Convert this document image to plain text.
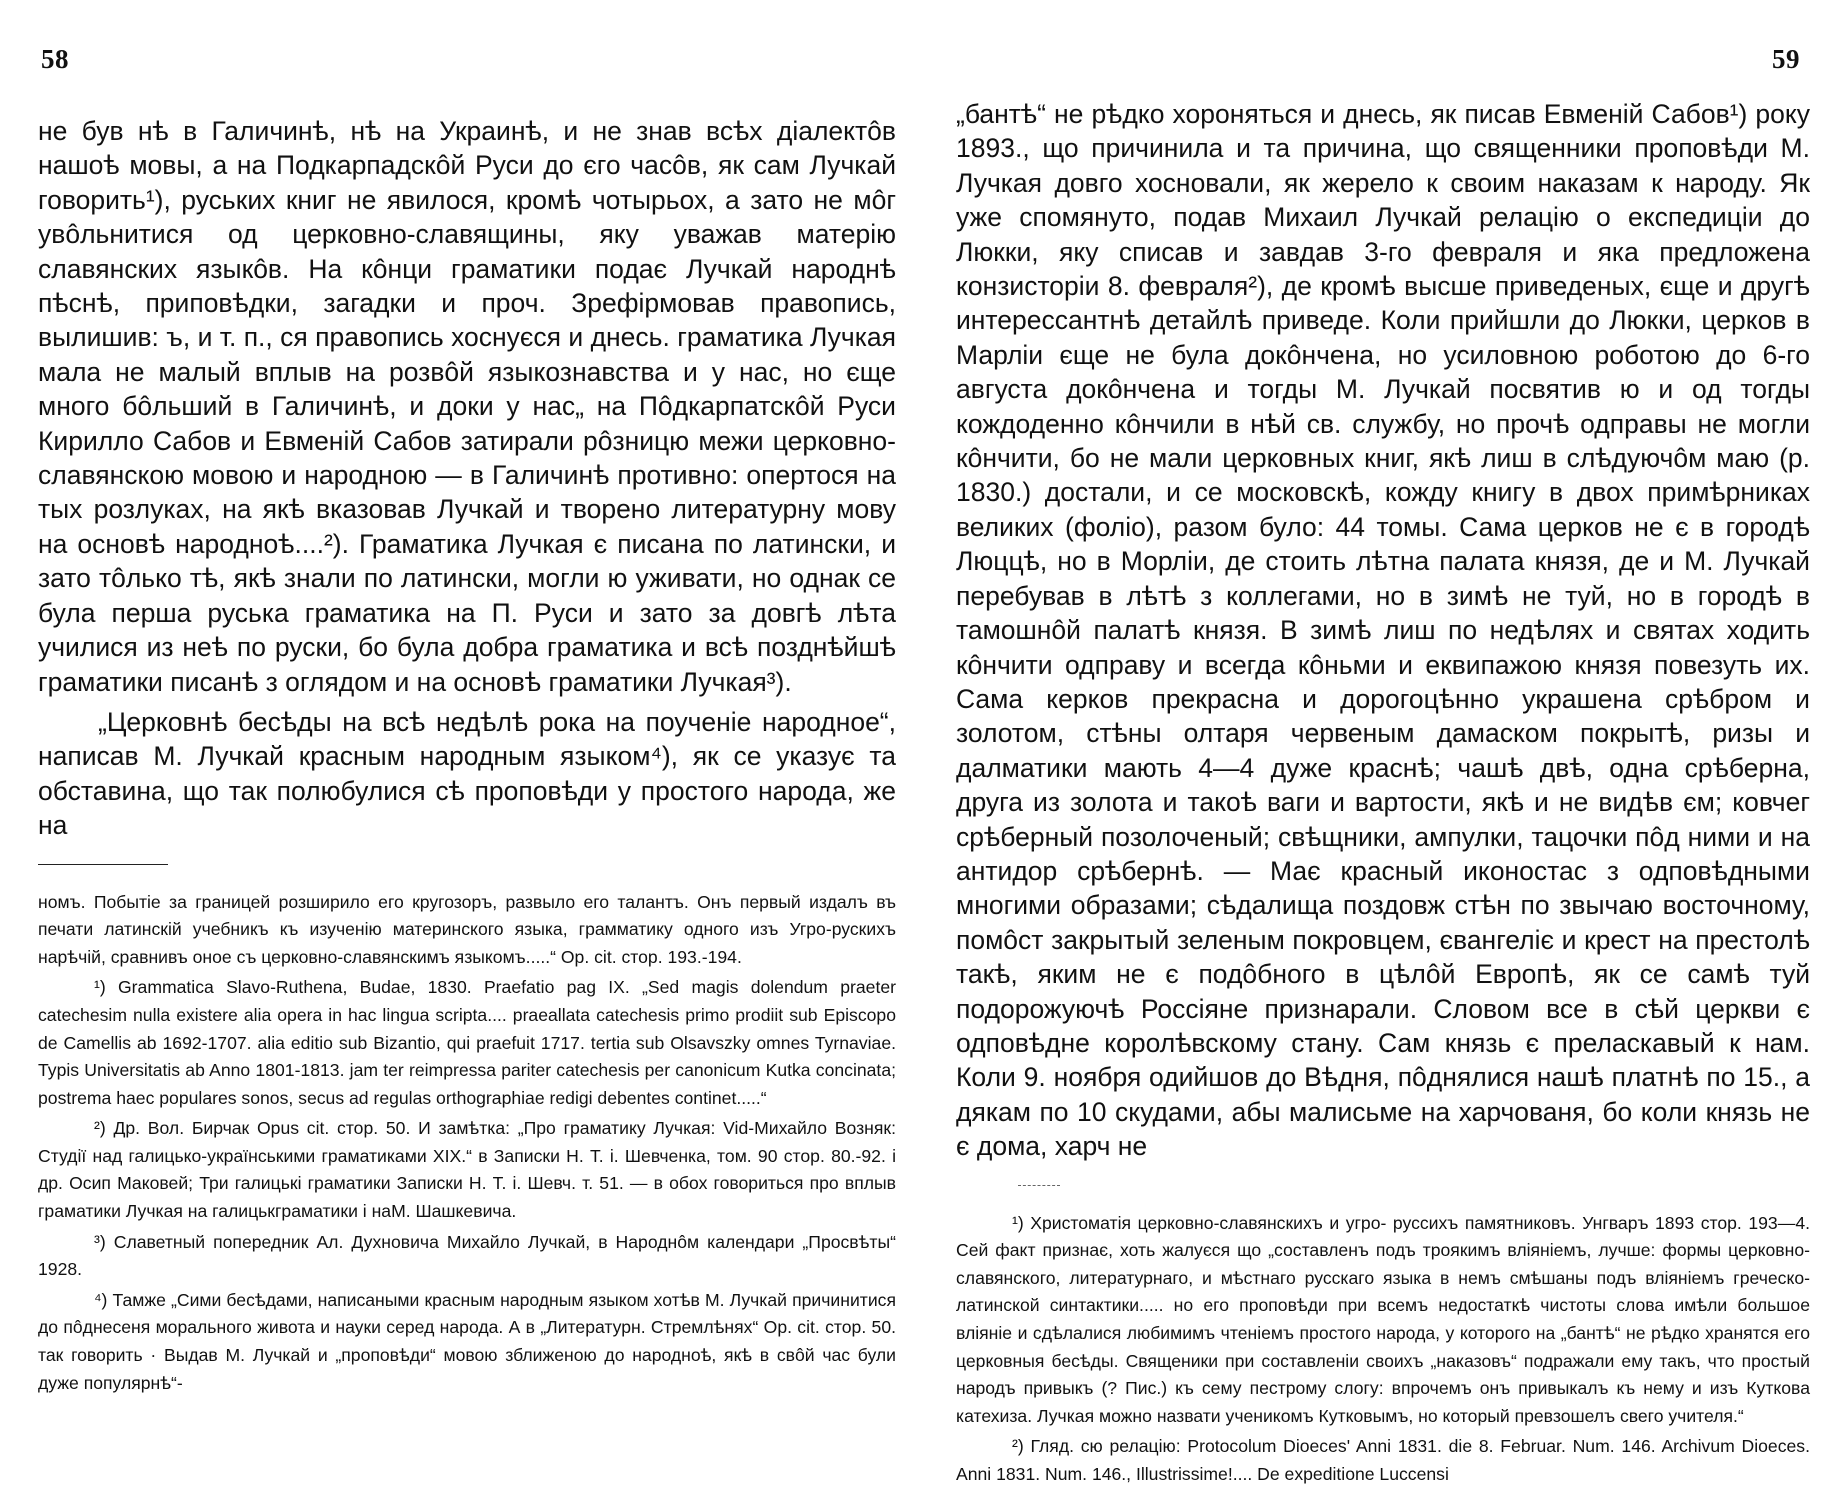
58

не був нѣ в Галичинѣ, нѣ на Украинѣ, и не знав всѣх діалектôв нашоѣ мовы, а на Подкарпадскôй Руси до єго часôв, як сам Лучкай говорить¹), руських книг не явилося, кромѣ чотырьох, а зато не мôг увôльнитися од церковно-славящины, яку уважав матерію славянских языкôв. На кôнци граматики подає Лучкай народнѣ пѣснѣ, приповѣдки, загадки и проч. Зрефірмовав правопись, вылишив: ъ, и т. п., ся правопись хоснуєся и днесь. граматика Лучкая мала не малый вплыв на розвôй языкознавства и у нас, но єще много бôльший в Галичинѣ, и доки у нас„ на Пôдкарпатскôй Руси Кирилло Сабов и Евменій Сабов затирали рôзницю межи церковно-славянскою мовою и народною — в Галичинѣ противно: опертося на тых розлуках, на якѣ вказовав Лучкай и творено литературну мову на основѣ народноѣ....²). Граматика Лучкая є писана по латински, и зато тôлько тѣ, якѣ знали по латински, могли ю уживати, но однак се була перша руська граматика на П. Руси и зато за довгѣ лѣта училися из неѣ по руски, бо була добра граматика и всѣ позднѣйшѣ граматики писанѣ з оглядом и на основѣ граматики Лучкая³).

„Церковнѣ бесѣды на всѣ недѣлѣ рока на поученіе народное“, написав М. Лучкай красным народным языком⁴), як се указує та обставина, що так полюбулися сѣ проповѣди у простого народа, же на

номъ. Побытіе за границей розширило его кругозоръ, развыло его талантъ. Онъ первый издалъ въ печати латинскій учебникъ къ изученію материнского языка, грамматику одного изъ Угро-рускихъ нарѣчій, сравнивъ оное съ церковно-славянскимъ языкомъ.....“ Op. cit. стор. 193.-194.

¹) Grammatica Slavo-Ruthena, Budae, 1830. Praefatio pag IX. „Sed magis dolendum praeter catechesim nulla existere alia opera in hac lingua scripta.... praeallata catechesis primo prodiit sub Episcopo de Camellis ab 1692-1707. alia editio sub Bizantio, qui praefuit 1717. tertia sub Olsavszky omnes Tyrnaviae. Typis Universitatis ab Anno 1801-1813. jam ter reimpressa pariter catechesis per canonicum Kutka concinata; postrema haec populares sonos, secus ad regulas orthographiae redigi debentes continet.....“

²) Др. Вол. Бирчак Opus cit. стор. 50. И замѣтка: „Про граматику Лучкая: Vid-Михайло Возняк: Студії над галицько-українськими граматиками XIX.“ в Записки Н. Т. і. Шевченка, том. 90 стор. 80.-92. і др. Осип Маковей; Три галицькі граматики Записки Н. Т. і. Шевч. т. 51. — в обох говориться про вплыв граматики Лучкая на галицькграматики і наМ. Шашкевича.

³) Славетный попередник Ал. Духновича Михайло Лучкай, в Народнôм календари „Просвѣты“ 1928.

⁴) Тамже „Сими бесѣдами, написаными красным народным языком хотѣв М. Лучкай причинитися до пôднесеня морального живота и науки серед народа. А в „Литературн. Стремлѣнях“ Op. cit. стор. 50. так говорить · Выдав М. Лучкай и „проповѣди“ мовою зближеною до народноѣ, якѣ в свôй час були дуже популярнѣ“-

59

„бантѣ“ не рѣдко хороняться и днесь, як писав Евменій Сабов¹) року 1893., що причинила и та причина, що священники проповѣди М. Лучкая довго хосновали, як жерело к своим наказам к народу. Як уже спомянуто, подав Михаил Лучкай релацію о експедиціи до Люкки, яку списав и завдав 3-го февраля и яка предложена конзисторіи 8. февраля²), де кромѣ высше приведеных, єще и другѣ интерессантнѣ детайлѣ приведе. Коли прийшли до Люкки, церков в Марліи єще не була докôнчена, но усиловною роботою до 6-го августа докôнчена и тогды М. Лучкай посвятив ю и од тогды кождоденно кôнчили в нѣй св. службу, но прочѣ одправы не могли кôнчити, бо не мали церковных книг, якѣ лиш в слѣдуючôм маю (р. 1830.) достали, и се московскѣ, кожду книгу в двох примѣрниках великих (фоліо), разом було: 44 томы. Сама церков не є в городѣ Люццѣ, но в Морліи, де стоить лѣтна палата князя, де и М. Лучкай перебував в лѣтѣ з коллегами, но в зимѣ не туй, но в городѣ в тамошнôй палатѣ князя. В зимѣ лиш по недѣлях и святах ходить кôнчити одправу и всегда кôньми и еквипажою князя повезуть их. Сама керков прекрасна и дорогоцѣнно украшена срѣбром и золотом, стѣны олтаря червеным дамаском покрытѣ, ризы и далматики мають 4—4 дуже краснѣ; чашѣ двѣ, одна срѣберна, друга из золота и такоѣ ваги и вартости, якѣ и не видѣв єм; ковчег срѣберный позолоченый; свѣщники, ампулки, тацочки пôд ними и на антидор срѣбернѣ. — Має красный иконостас з одповѣдными многими образами; сѣдалища поздовж стѣн по звычаю восточному, помôст закрытый зеленым покровцем, євангеліє и крест на престолѣ такѣ, яким не є подôбного в цѣлôй Европѣ, як се самѣ туй подорожуючѣ Россіяне признарали. Словом все в сѣй церкви є одповѣдне королѣвскому стану. Сам князь є прелаcкавый к нам. Коли 9. ноября одийшов до Вѣдня, пôднялися нашѣ платнѣ по 15., а дякам по 10 скудами, абы малисьме на харчованя, бо коли князь не є дома, харч не

¹) Христоматія церковно-славянскихъ и угро- руссихъ памятниковъ. Унгваръ 1893 стор. 193—4. Сей факт признає, хоть жалуєся що „составленъ подъ троякимъ вліяніемъ, лучше: формы церковно-славянского, литературнаго, и мѣстнаго русскаго языка в немъ смѣшаны подъ вліяніемъ греческо-латинской синтактики..... но его проповѣди при всемъ недостаткѣ чистоты слова имѣли большое вліяніе и сдѣлалися любимимъ чтеніемъ простого народа, у которого на „бантѣ“ не рѣдко хранятся его церковныя бесѣды. Священики при составленіи своихъ „наказовъ“ подражали ему такъ, что простый народъ привыкъ (? Пис.) къ сему пестрому слогу: впрочемъ онъ привыкалъ къ нему и изъ Куткова катехиза. Лучкая можно назвати ученикомъ Кутковымъ, но который превзошелъ свего учителя.“

²) Гляд. сю релацію: Protocolum Dioeces' Anni 1831. die 8. Februar. Num. 146. Archivum Dioeces. Anni 1831. Num. 146., Illustrissime!.... De expeditione Luccensi
